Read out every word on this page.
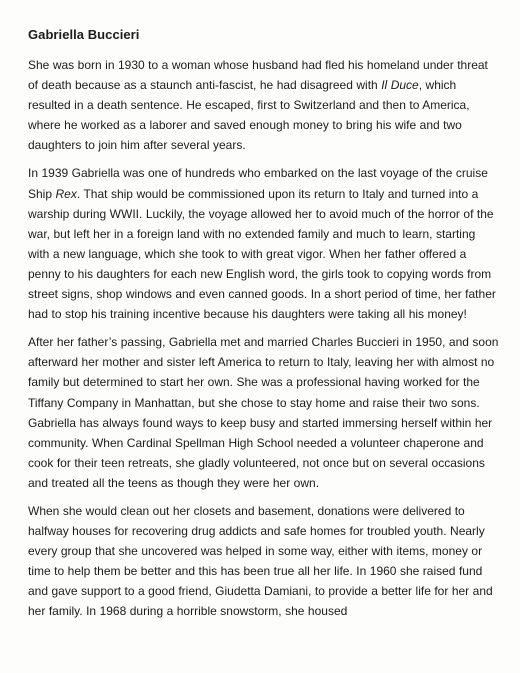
Gabriella Buccieri

She was born in 1930 to a woman whose husband had fled his homeland under threat of death because as a staunch anti-fascist, he had disagreed with Il Duce, which resulted in a death sentence. He escaped, first to Switzerland and then to America, where he worked as a laborer and saved enough money to bring his wife and two daughters to join him after several years.

In 1939 Gabriella was one of hundreds who embarked on the last voyage of the cruise Ship Rex. That ship would be commissioned upon its return to Italy and turned into a warship during WWII. Luckily, the voyage allowed her to avoid much of the horror of the war, but left her in a foreign land with no extended family and much to learn, starting with a new language, which she took to with great vigor. When her father offered a penny to his daughters for each new English word, the girls took to copying words from street signs, shop windows and even canned goods. In a short period of time, her father had to stop his training incentive because his daughters were taking all his money!

After her father’s passing, Gabriella met and married Charles Buccieri in 1950, and soon afterward her mother and sister left America to return to Italy, leaving her with almost no family but determined to start her own. She was a professional having worked for the Tiffany Company in Manhattan, but she chose to stay home and raise their two sons. Gabriella has always found ways to keep busy and started immersing herself within her community. When Cardinal Spellman High School needed a volunteer chaperone and cook for their teen retreats, she gladly volunteered, not once but on several occasions and treated all the teens as though they were her own.

When she would clean out her closets and basement, donations were delivered to halfway houses for recovering drug addicts and safe homes for troubled youth. Nearly every group that she uncovered was helped in some way, either with items, money or time to help them be better and this has been true all her life. In 1960 she raised fund and gave support to a good friend, Giudetta Damiani, to provide a better life for her and her family. In 1968 during a horrible snowstorm, she housed
